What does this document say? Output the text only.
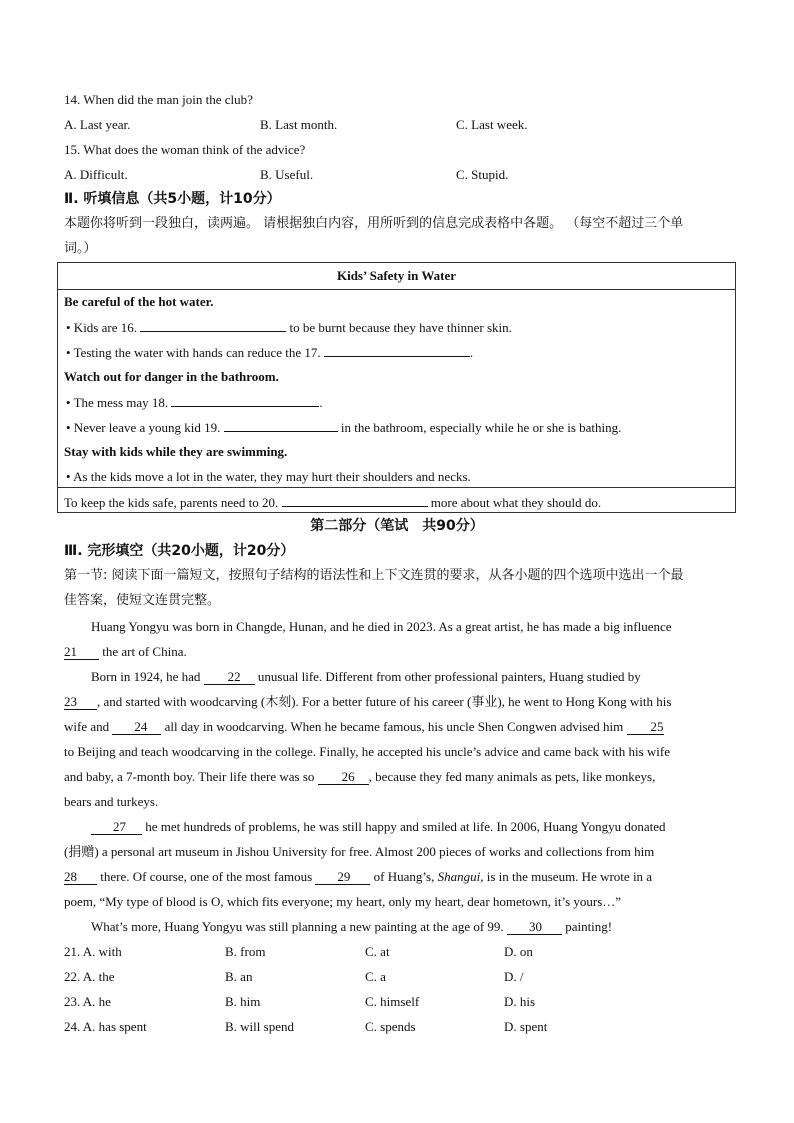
14. When did the man join the club?
A. Last year.	B. Last month.	C. Last week.
15. What does the woman think of the advice?
A. Difficult.	B. Useful.	C. Stupid.
Ⅱ. 听填信息（共5小题，计10分）
本题你将听到一段独白，读两遍。 请根据独白内容，用所听到的信息完成表格中各题。 （每空不超过三个单
词。）
Kids’ Safety in Water
Be careful of the hot water.
• Kids are 16.	to be burnt because they have thinner skin.
• Testing the water with hands can reduce the 17.	.
Watch out for danger in the bathroom.
• The mess may 18.	.
• Never leave a young kid 19.	in the bathroom, especially while he or she is bathing.
Stay with kids while they are swimming.
• As the kids move a lot in the water, they may hurt their shoulders and necks.
To keep the kids safe, parents need to 20.	more about what they should do.
第二部分（笔试　共90分）
Ⅲ. 完形填空（共20小题，计20分）
第一节: 阅读下面一篇短文，按照句子结构的语法性和上下文连贯的要求，从各小题的四个选项中选出一个最
佳答案，使短文连贯完整。
Huang Yongyu was born in Changde, Hunan, and he died in 2023. As a great artist, he has made a big influence
21 the art of China.
Born in 1924, he had 22 unusual life. Different from other professional painters, Huang studied by
23 , and started with woodcarving (木刻). For a better future of his career (事业), he went to Hong Kong with his
wife and 24 all day in woodcarving. When he became famous, his uncle Shen Congwen advised him 25
to Beijing and teach woodcarving in the college. Finally, he accepted his uncle’s advice and came back with his wife
and baby, a 7-month boy. Their life there was so 26 , because they fed many animals as pets, like monkeys,
bears and turkeys.
27 he met hundreds of problems, he was still happy and smiled at life. In 2006, Huang Yongyu donated
(捐赠) a personal art museum in Jishou University for free. Almost 200 pieces of works and collections from him
28 there. Of course, one of the most famous 29 of Huang’s, Shangui, is in the museum. He wrote in a
poem, “My type of blood is O, which fits everyone; my heart, only my heart, dear hometown, it’s yours…”
What’s more, Huang Yongyu was still planning a new painting at the age of 99. 30 painting!
21. A. with	B. from	C. at	D. on
22. A. the	B. an	C. a	D. /
23. A. he	B. him	C. himself	D. his
24. A. has spent	B. will spend	C. spends	D. spent
